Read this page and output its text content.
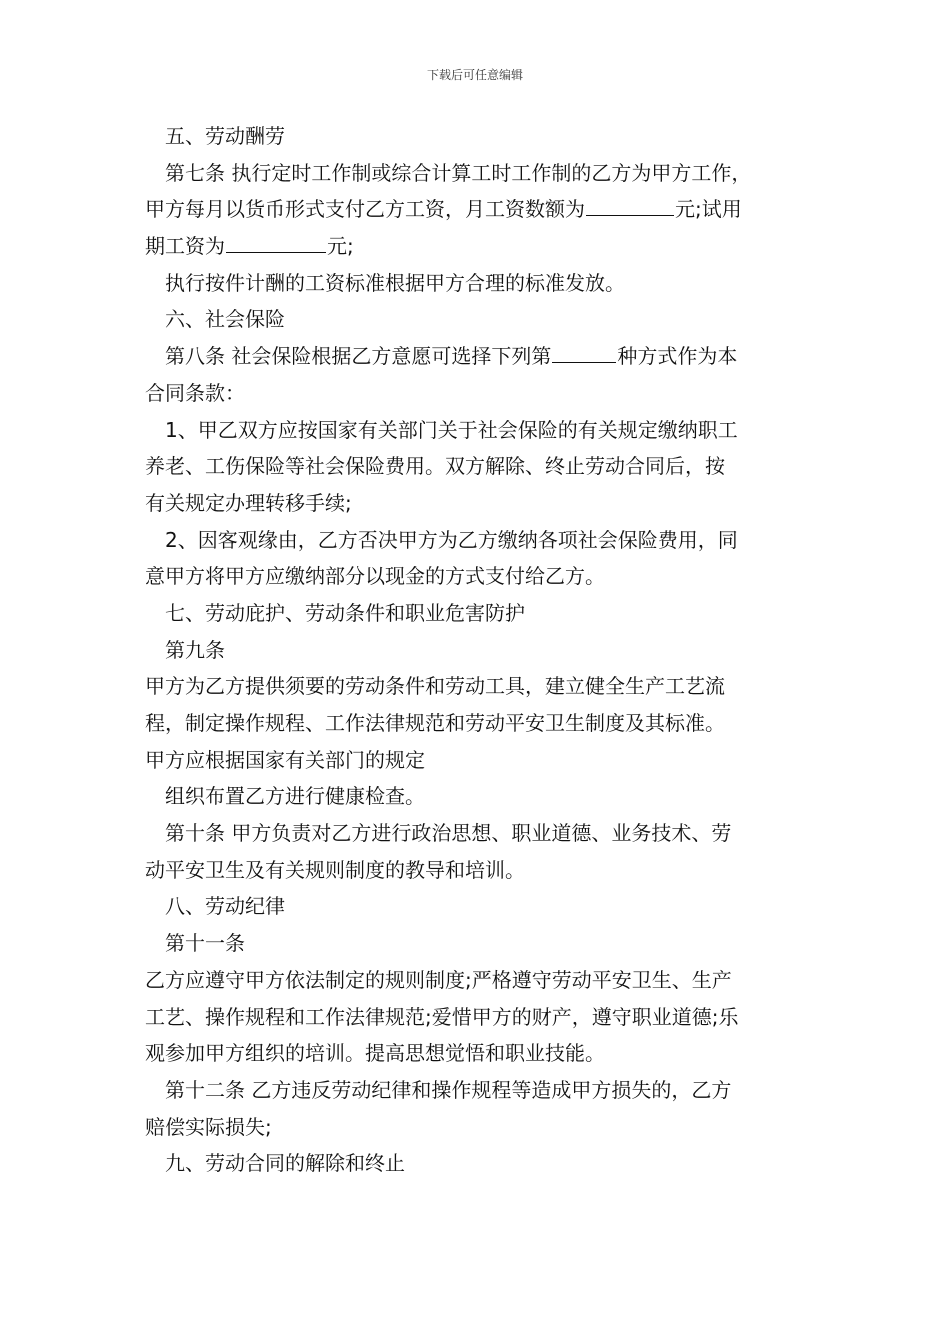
下载后可任意编辑
五、劳动酬劳
第七条 执行定时工作制或综合计算工时工作制的乙方为甲方工作，
甲方每月以货币形式支付乙方工资，月工资数额为	元;试用
期工资为	元;
执行按件计酬的工资标准根据甲方合理的标准发放。
六、社会保险
第八条 社会保险根据乙方意愿可选择下列第	种方式作为本
合同条款：
1、甲乙双方应按国家有关部门关于社会保险的有关规定缴纳职工
养老、工伤保险等社会保险费用。双方解除、终止劳动合同后，按
有关规定办理转移手续;
2、因客观缘由，乙方否决甲方为乙方缴纳各项社会保险费用，同
意甲方将甲方应缴纳部分以现金的方式支付给乙方。
七、劳动庇护、劳动条件和职业危害防护
第九条
甲方为乙方提供须要的劳动条件和劳动工具，建立健全生产工艺流
程，制定操作规程、工作法律规范和劳动平安卫生制度及其标准。
甲方应根据国家有关部门的规定
组织布置乙方进行健康检查。
第十条 甲方负责对乙方进行政治思想、职业道德、业务技术、劳
动平安卫生及有关规则制度的教导和培训。
八、劳动纪律
第十一条
乙方应遵守甲方依法制定的规则制度;严格遵守劳动平安卫生、生产
工艺、操作规程和工作法律规范;爱惜甲方的财产，遵守职业道德;乐
观参加甲方组织的培训。提高思想觉悟和职业技能。
第十二条 乙方违反劳动纪律和操作规程等造成甲方损失的，乙方
赔偿实际损失;
九、劳动合同的解除和终止
